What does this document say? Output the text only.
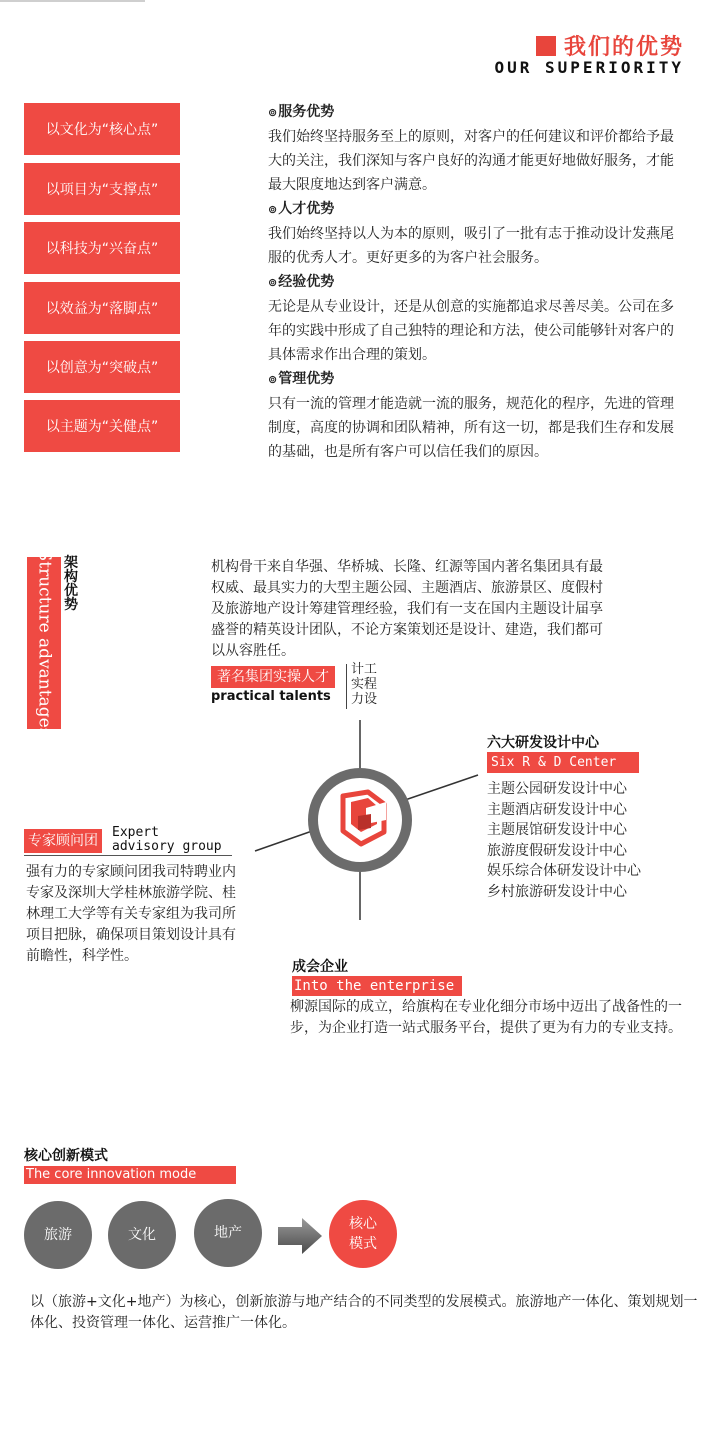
我们的优势
OUR SUPERIORITY
以文化为“核心点”
以项目为“支撑点”
以科技为“兴奋点”
以效益为“落脚点”
以创意为“突破点”
以主题为“关健点”
⊚服务优势
我们始终坚持服务至上的原则，对客户的任何建议和评价都给予最大的关注，我们深知与客户良好的沟通才能更好地做好服务，才能最大限度地达到客户满意。
⊚人才优势
我们始终坚持以人为本的原则，吸引了一批有志于推动设计发燕尾服的优秀人才。更好更多的为客户社会服务。
⊚经验优势
无论是从专业设计，还是从创意的实施都追求尽善尽美。公司在多年的实践中形成了自己独特的理论和方法，使公司能够针对客户的具体需求作出合理的策划。
⊚管理优势
只有一流的管理才能造就一流的服务，规范化的程序，先进的管理制度，高度的协调和团队精神，所有这一切，都是我们生存和发展的基础，也是所有客户可以信任我们的原因。
Structure advantages 架构优势
机构骨干来自华强、华桥城、长隆、红源等国内著名集团具有最权威、最具实力的大型主题公园、主题酒店、旅游景区、度假村及旅游地产设计筹建管理经验，我们有一支在国内主题设计届享盛誉的精英设计团队，不论方案策划还是设计、建造，我们都可以从容胜任。
著名集团实操人才
practical talents
计工
实程
力设
六大研发设计中心
Six R & D Center
主题公园研发设计中心
主题酒店研发设计中心
主题展馆研发设计中心
旅游度假研发设计中心
娱乐综合体研发设计中心
乡村旅游研发设计中心
专家顾问团
Expert
advisory group
强有力的专家顾问团我司特聘业内专家及深圳大学桂林旅游学院、桂林理工大学等有关专家组为我司所项目把脉，确保项目策划设计具有前瞻性，科学性。
成会企业
Into the enterprise
柳源国际的成立，给旗构在专业化细分市场中迈出了战备性的一步，为企业打造一站式服务平台，提供了更为有力的专业支持。
核心创新模式
The core innovation mode
旅游	文化	地产
核心
模式
以（旅游+文化+地产）为核心，创新旅游与地产结合的不同类型的发展模式。旅游地产一体化、策划规划一体化、投资管理一体化、运营推广一体化。
